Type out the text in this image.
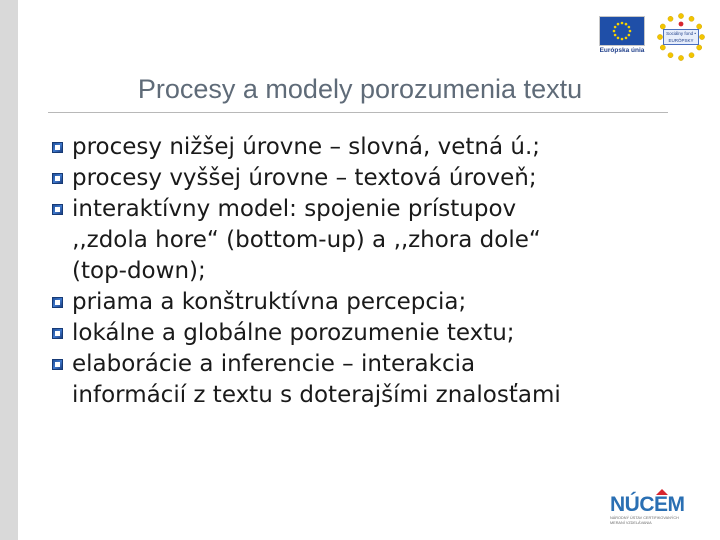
Európska únia
Sociálny fond • EURÓPSKY
Procesy a modely porozumenia textu
procesy nižšej úrovne – slovná, vetná ú.;
procesy vyššej úrovne – textová úroveň;
interaktívny model: spojenie prístupov
‚‚zdola hore“ (bottom-up) a ‚‚zhora dole“
(top-down);
priama a konštruktívna percepcia;
lokálne a globálne porozumenie textu;
elaborácie a inferencie – interakcia
informácií z textu s doterajšími znalosťami
NÚCEM
NÁRODNÝ ÚSTAV CERTIFIKOVANÝCH MERANÍ VZDELÁVANIA
